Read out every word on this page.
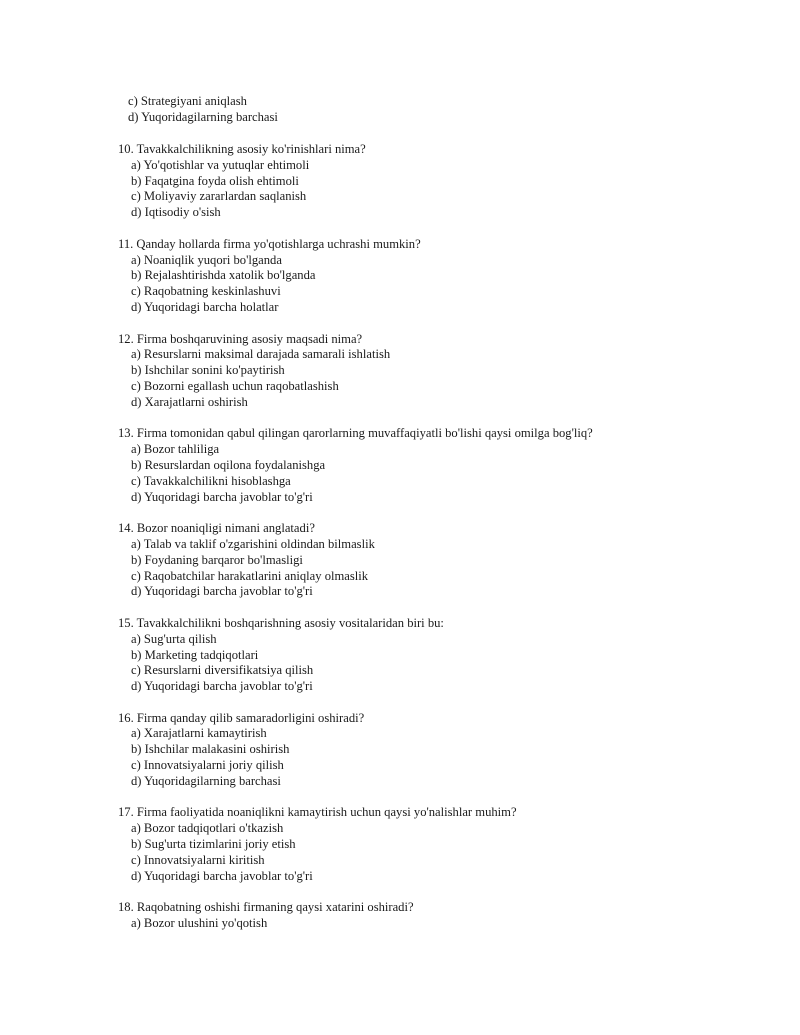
c) Strategiyani aniqlash
d) Yuqoridagilarning barchasi
10. Tavakkalchilikning asosiy ko'rinishlari nima?
a) Yo'qotishlar va yutuqlar ehtimoli
b) Faqatgina foyda olish ehtimoli
c) Moliyaviy zararlardan saqlanish
d) Iqtisodiy o'sish
11. Qanday hollarda firma yo'qotishlarga uchrashi mumkin?
a) Noaniqlik yuqori bo'lganda
b) Rejalashtirishda xatolik bo'lganda
c) Raqobatning keskinlashuvi
d) Yuqoridagi barcha holatlar
12. Firma boshqaruvining asosiy maqsadi nima?
a) Resurslarni maksimal darajada samarali ishlatish
b) Ishchilar sonini ko'paytirish
c) Bozorni egallash uchun raqobatlashish
d) Xarajatlarni oshirish
13. Firma tomonidan qabul qilingan qarorlarning muvaffaqiyatli bo'lishi qaysi omilga bog'liq?
a) Bozor tahliliga
b) Resurslardan oqilona foydalanishga
c) Tavakkalchilikni hisoblashga
d) Yuqoridagi barcha javoblar to'g'ri
14. Bozor noaniqligi nimani anglatadi?
a) Talab va taklif o'zgarishini oldindan bilmaslik
b) Foydaning barqaror bo'lmasligi
c) Raqobatchilar harakatlarini aniqlay olmaslik
d) Yuqoridagi barcha javoblar to'g'ri
15. Tavakkalchilikni boshqarishning asosiy vositalaridan biri bu:
a) Sug'urta qilish
b) Marketing tadqiqotlari
c) Resurslarni diversifikatsiya qilish
d) Yuqoridagi barcha javoblar to'g'ri
16. Firma qanday qilib samaradorligini oshiradi?
a) Xarajatlarni kamaytirish
b) Ishchilar malakasini oshirish
c) Innovatsiyalarni joriy qilish
d) Yuqoridagilarning barchasi
17. Firma faoliyatida noaniqlikni kamaytirish uchun qaysi yo'nalishlar muhim?
a) Bozor tadqiqotlari o'tkazish
b) Sug'urta tizimlarini joriy etish
c) Innovatsiyalarni kiritish
d) Yuqoridagi barcha javoblar to'g'ri
18. Raqobatning oshishi firmaning qaysi xatarini oshiradi?
a) Bozor ulushini yo'qotish
